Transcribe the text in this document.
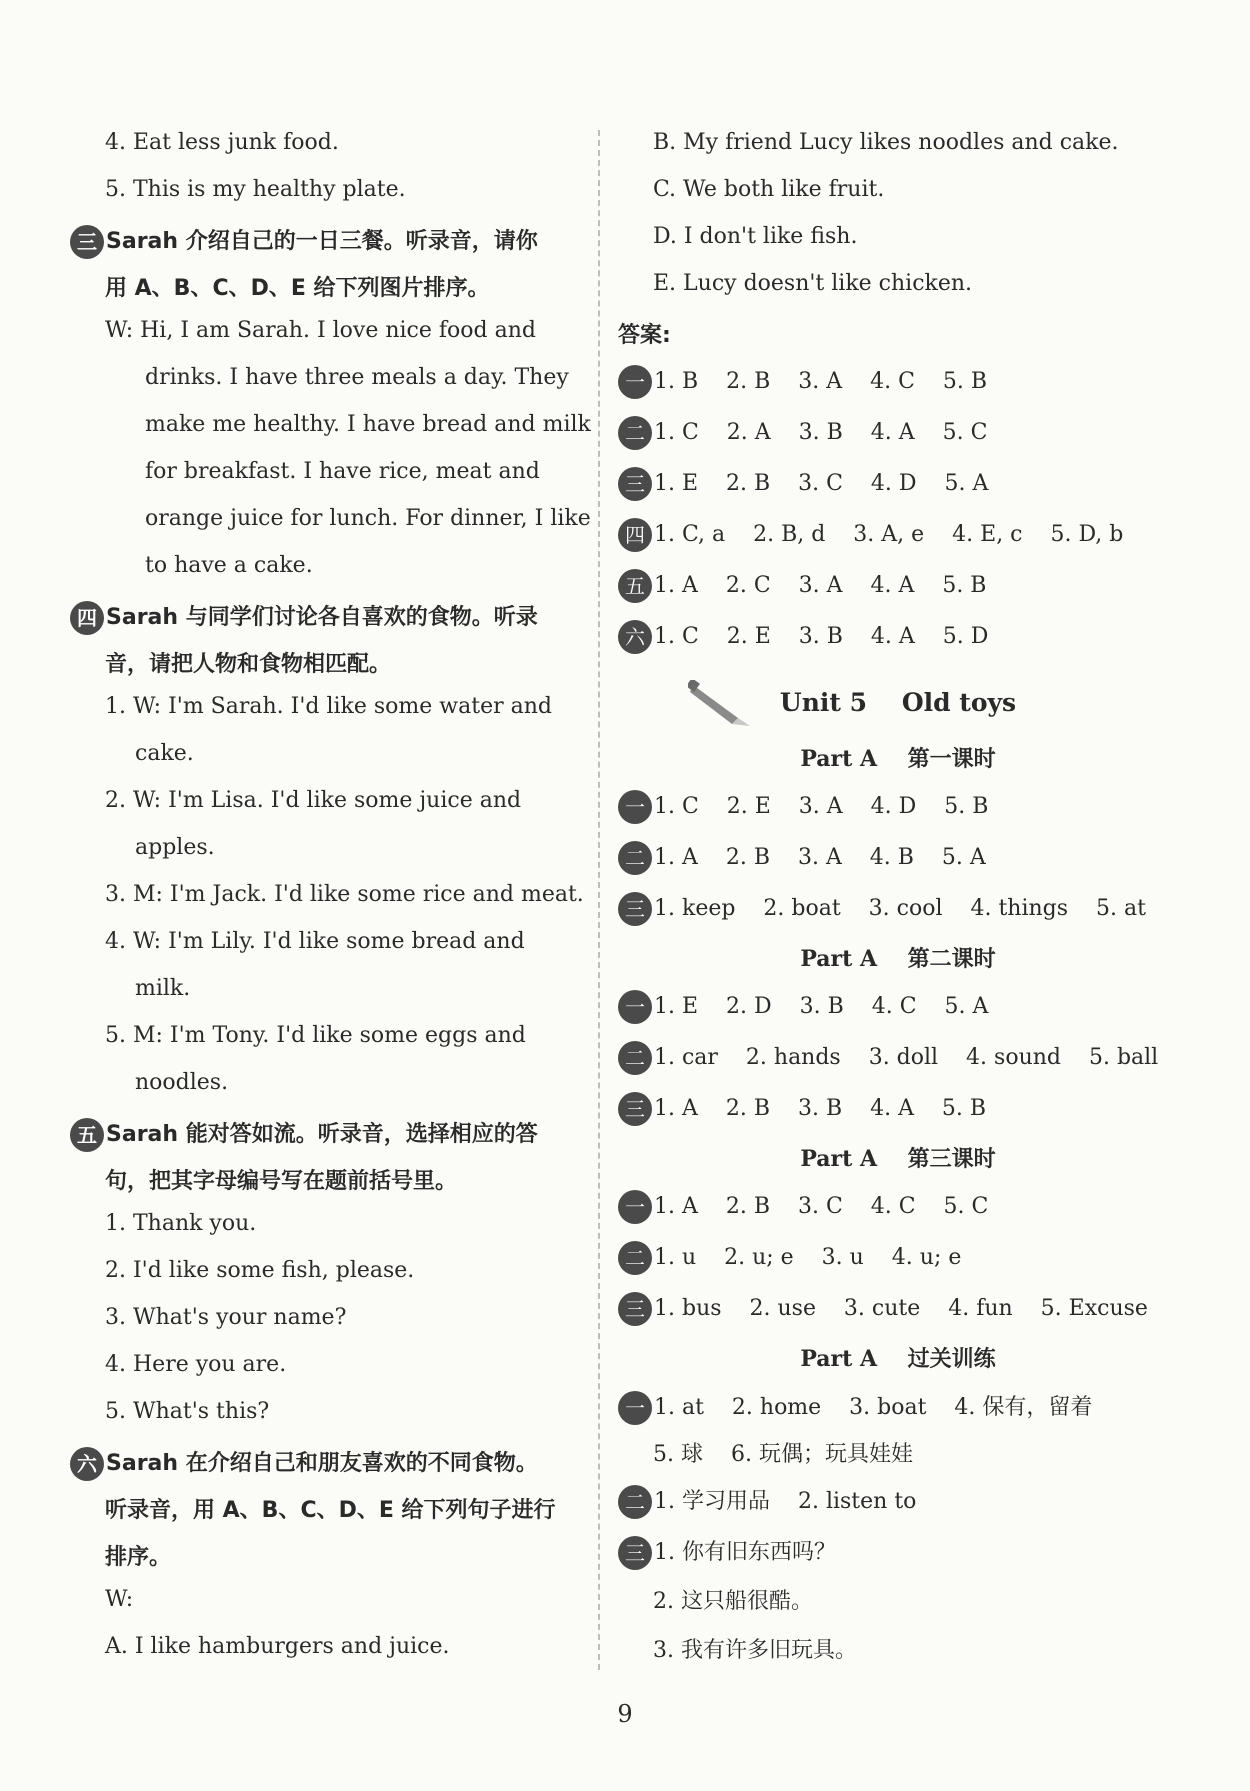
4. Eat less junk food.
5. This is my healthy plate.
三 Sarah 介绍自己的一日三餐。听录音，请你
用 A、B、C、D、E 给下列图片排序。
W: Hi, I am Sarah. I love nice food and
drinks. I have three meals a day. They
make me healthy. I have bread and milk
for breakfast. I have rice, meat and
orange juice for lunch. For dinner, I like
to have a cake.
四 Sarah 与同学们讨论各自喜欢的食物。听录
音，请把人物和食物相匹配。
1. W: I'm Sarah. I'd like some water and
cake.
2. W: I'm Lisa. I'd like some juice and
apples.
3. M: I'm Jack. I'd like some rice and meat.
4. W: I'm Lily. I'd like some bread and
milk.
5. M: I'm Tony. I'd like some eggs and
noodles.
五 Sarah 能对答如流。听录音，选择相应的答
句，把其字母编号写在题前括号里。
1. Thank you.
2. I'd like some fish, please.
3. What's your name?
4. Here you are.
5. What's this?
六 Sarah 在介绍自己和朋友喜欢的不同食物。
听录音，用 A、B、C、D、E 给下列句子进行
排序。
W:
A. I like hamburgers and juice.
B. My friend Lucy likes noodles and cake.
C. We both like fruit.
D. I don't like fish.
E. Lucy doesn't like chicken.
答案:
一 1. B    2. B    3. A    4. C    5. B
二 1. C    2. A    3. B    4. A    5. C
三 1. E    2. B    3. C    4. D    5. A
四 1. C, a    2. B, d    3. A, e    4. E, c    5. D, b
五 1. A    2. C    3. A    4. A    5. B
六 1. C    2. E    3. B    4. A    5. D
Unit 5    Old toys
Part A    第一课时
一 1. C    2. E    3. A    4. D    5. B
二 1. A    2. B    3. A    4. B    5. A
三 1. keep    2. boat    3. cool    4. things    5. at
Part A    第二课时
一 1. E    2. D    3. B    4. C    5. A
二 1. car    2. hands    3. doll    4. sound    5. ball
三 1. A    2. B    3. B    4. A    5. B
Part A    第三课时
一 1. A    2. B    3. C    4. C    5. C
二 1. u    2. u; e    3. u    4. u; e
三 1. bus    2. use    3. cute    4. fun    5. Excuse
Part A    过关训练
一 1. at    2. home    3. boat    4. 保有，留着
5. 球    6. 玩偶；玩具娃娃
二 1. 学习用品    2. listen to
三 1. 你有旧东西吗？
2. 这只船很酷。
3. 我有许多旧玩具。
9
